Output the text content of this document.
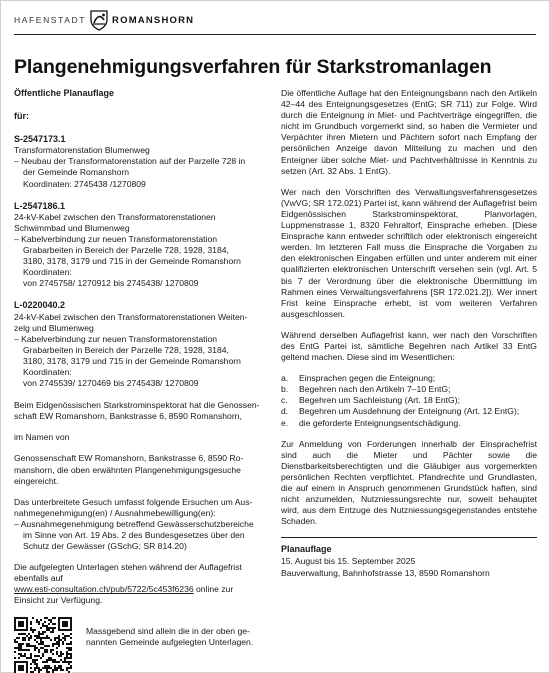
HAFENSTADT	ROMANSHORN
Plangenehmigungsverfahren für Starkstromanlagen
Öffentliche Planauflage
für:
S-2547173.1
Transformatorenstation Blumenweg
– Neubau der Transformatorenstation auf der Parzelle 728 in
der Gemeinde Romanshorn
Koordinaten: 2745438 /1270809
L-2547186.1
24-kV-Kabel zwischen den Transformatorenstationen
Schwimmbad und Blumenweg
– Kabelverbindung zur neuen Transformatorenstation
Grabarbeiten in Bereich der Parzelle 728, 1928, 3184,
3180, 3178, 3179 und 715 in der Gemeinde Romanshorn
Koordinaten:
von 2745758/ 1270912 bis 2745438/ 1270809
L-0220040.2
24-kV-Kabel zwischen den Transformatorenstationen Weiten-
zelg und Blumenweg
– Kabelverbindung zur neuen Transformatorenstation
Grabarbeiten in Bereich der Parzelle 728, 1928, 3184,
3180, 3178, 3179 und 715 in der Gemeinde Romanshorn
Koordinaten:
von 2745539/ 1270469 bis 2745438/ 1270809
Beim Eidgenössischen Starkstrominspektorat hat die Genossen-
schaft EW Romanshorn, Bankstrasse 6, 8590 Romanshorn,
im Namen von
Genossenschaft EW Romanshorn, Bankstrasse 6, 8590 Ro-
manshorn, die oben erwähnten Plangenehmigungsgesuche
eingereicht.
Das unterbreitete Gesuch umfasst folgende Ersuchen um Aus-
nahmegenehmigung(en) / Ausnahmebewilligung(en):
– Ausnahmegenehmigung betreffend Gewässerschutzbereiche
im Sinne von Art. 19 Abs. 2 des Bundesgesetzes über den
Schutz der Gewässer (GSchG; SR 814.20)
Die aufgelegten Unterlagen stehen während der Auflagefrist
ebenfalls auf
www.esti-consultation.ch/pub/5722/5c453f6236 online zur
Einsicht zur Verfügung.
Massgebend sind allein die in der oben ge-
nannten Gemeinde aufgelegten Unterlagen.

Die öffentliche Auflage hat den Enteignungsbann nach den Artikeln 42–44 des Enteignungsgesetzes (EntG; SR 711) zur Folge. Wird durch die Enteignung in Miet- und Pachtverträge eingegriffen, die nicht im Grundbuch vorgemerkt sind, so haben die Vermieter und Verpächter ihren Mietern und Pächtern sofort nach Empfang der persönlichen Anzeige davon Mitteilung zu machen und den Enteigner über solche Miet- und Pachtverhältnisse in Kenntnis zu setzen (Art. 32 Abs. 1 EntG).

Wer nach den Vorschriften des Verwaltungsverfahrensgesetzes (VwVG; SR 172.021) Partei ist, kann während der Auflagefrist beim Eidgenössischen Starkstrominspektorat, Planvorlagen, Luppmenstrasse 1, 8320 Fehraltorf, Einsprache erheben. [Diese Einsprache kann entweder schriftlich oder elektronisch eingereicht werden. Im letzteren Fall muss die Einsprache die Vorgaben zu den elektronischen Eingaben erfüllen und unter anderem mit einer qualifizierten elektronischen Unterschrift versehen sein (vgl. Art. 5 bis 7 der Verordnung über die elektronische Übermittlung im Rahmen eines Verwaltungsverfahrens [SR 172.021.2]). Wer innert Frist keine Einsprache erhebt, ist vom weiteren Verfahren ausgeschlossen.

Während derselben Auflagefrist kann, wer nach den Vorschriften des EntG Partei ist, sämtliche Begehren nach Artikel 33 EntG geltend machen. Diese sind im Wesentlichen:

a.	Einsprachen gegen die Enteignung;
b.	Begehren nach den Artikeln 7–10 EntG;
c.	Begehren um Sachleistung (Art. 18 EntG);
d.	Begehren um Ausdehnung der Enteignung (Art. 12 EntG);
e.	die geforderte Enteignungsentschädigung.

Zur Anmeldung von Forderungen innerhalb der Einsprachefrist sind auch die Mieter und Pächter sowie die Dienstbarkeitsberechtigten und die Gläubiger aus vorgemerkten persönlichen Rechten verpflichtet. Pfandrechte und Grundlasten, die auf einem in Anspruch genommenen Grundstück haften, sind nicht anzumelden, Nutzniessungsrechte nur, soweit behauptet wird, aus dem Entzuge des Nutzniessungsgegenstandes entstehe Schaden.

Planauflage
15. August bis 15. September 2025
Bauverwaltung, Bahnhofstrasse 13, 8590 Romanshorn
